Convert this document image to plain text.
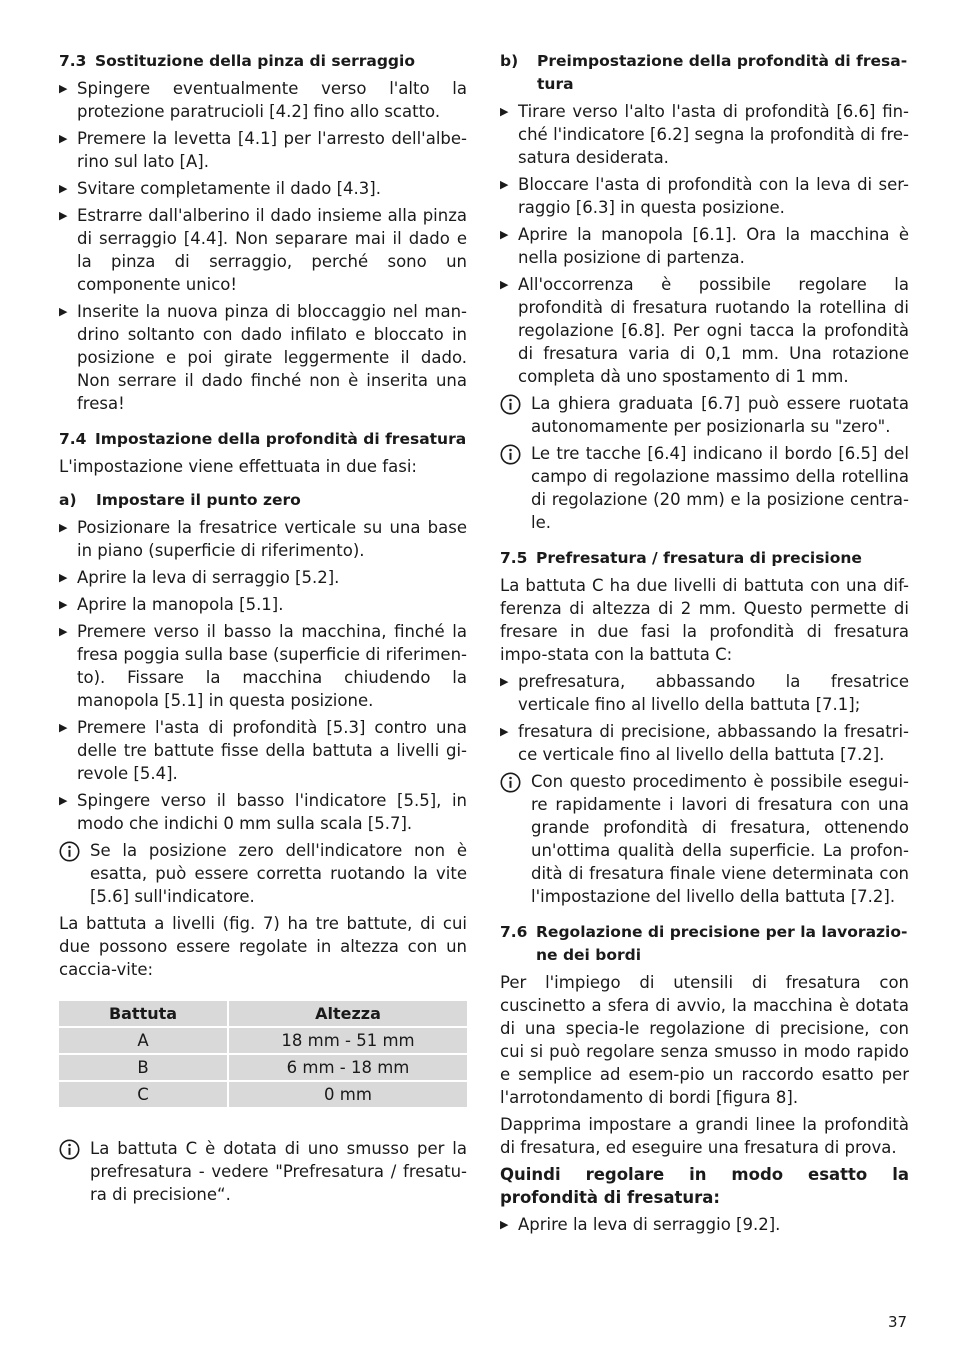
7.3 Sostituzione della pinza di serraggio
▶ Spingere eventualmente verso l'alto la protezione paratrucioli [4.2] fino allo scatto.
▶ Premere la levetta [4.1] per l'arresto dell'albe-rino sul lato [A].
▶ Svitare completamente il dado [4.3].
▶ Estrarre dall'alberino il dado insieme alla pinza di serraggio [4.4]. Non separare mai il dado e la pinza di serraggio, perché sono un componente unico!
▶ Inserite la nuova pinza di bloccaggio nel man-drino soltanto con dado infilato e bloccato in posizione e poi girate leggermente il dado. Non serrare il dado finché non è inserita una fresa!
7.4 Impostazione della profondità di fresatura

L'impostazione viene effettuata in due fasi:

a)	Impostare il punto zero
▶ Posizionare la fresatrice verticale su una base in piano (superficie di riferimento).
▶ Aprire la leva di serraggio [5.2].
▶ Aprire la manopola [5.1].
▶ Premere verso il basso la macchina, finché la fresa poggia sulla base (superficie di riferimen-to). Fissare la macchina chiudendo la manopola [5.1] in questa posizione.
▶ Premere l'asta di profondità [5.3] contro una delle tre battute fisse della battuta a livelli gi-revole [5.4].
▶ Spingere verso il basso l'indicatore [5.5], in modo che indichi 0 mm sulla scala [5.7].
Se la posizione zero dell'indicatore non è esatta, può essere corretta ruotando la vite [5.6] sull'indicatore.

La battuta a livelli (fig. 7) ha tre battute, di cui due possono essere regolate in altezza con un caccia-vite:

Battuta	Altezza
A	18 mm - 51 mm
B	6 mm - 18 mm
C	0 mm
La battuta C è dotata di uno smusso per la prefresatura - vedere "Prefresatura / fresatu-ra di precisione“.
b)	Preimpostazione della profondità di fresa-tura
▶ Tirare verso l'alto l'asta di profondità [6.6] fin-ché l'indicatore [6.2] segna la profondità di fre-satura desiderata.
▶ Bloccare l'asta di profondità con la leva di ser-raggio [6.3] in questa posizione.
▶ Aprire la manopola [6.1]. Ora la macchina è nella posizione di partenza.
▶ All'occorrenza è possibile regolare la profondità di fresatura ruotando la rotellina di regolazione [6.8]. Per ogni tacca la profondità di fresatura varia di 0,1 mm. Una rotazione completa dà uno spostamento di 1 mm.
La ghiera graduata [6.7] può essere ruotata autonomamente per posizionarla su "zero".
Le tre tacche [6.4] indicano il bordo [6.5] del campo di regolazione massimo della rotellina di regolazione (20 mm) e la posizione centra-le.
7.5 Prefresatura / fresatura di precisione

La battuta C ha due livelli di battuta con una dif-ferenza di altezza di 2 mm. Questo permette di fresare in due fasi la profondità di fresatura impo-stata con la battuta C:

▶ prefresatura, abbassando la fresatrice verticale fino al livello della battuta [7.1];
▶ fresatura di precisione, abbassando la fresatri-ce verticale fino al livello della battuta [7.2].
Con questo procedimento è possibile esegui-re rapidamente i lavori di fresatura con una grande profondità di fresatura, ottenendo un'ottima qualità della superficie. La profon-dità di fresatura finale viene determinata con l'impostazione del livello della battuta [7.2].
7.6 Regolazione di precisione per la lavorazio-ne dei bordi

Per l'impiego di utensili di fresatura con cuscinetto a sfera di avvio, la macchina è dotata di una specia-le regolazione di precisione, con cui si può regolare senza smusso in modo rapido e semplice ad esem-pio un raccordo esatto per l'arrotondamento di bordi [figura 8].

Dapprima impostare a grandi linee la profondità di fresatura, ed eseguire una fresatura di prova.

Quindi regolare in modo esatto la profondità di fresatura:

▶ Aprire la leva di serraggio [9.2].
37
